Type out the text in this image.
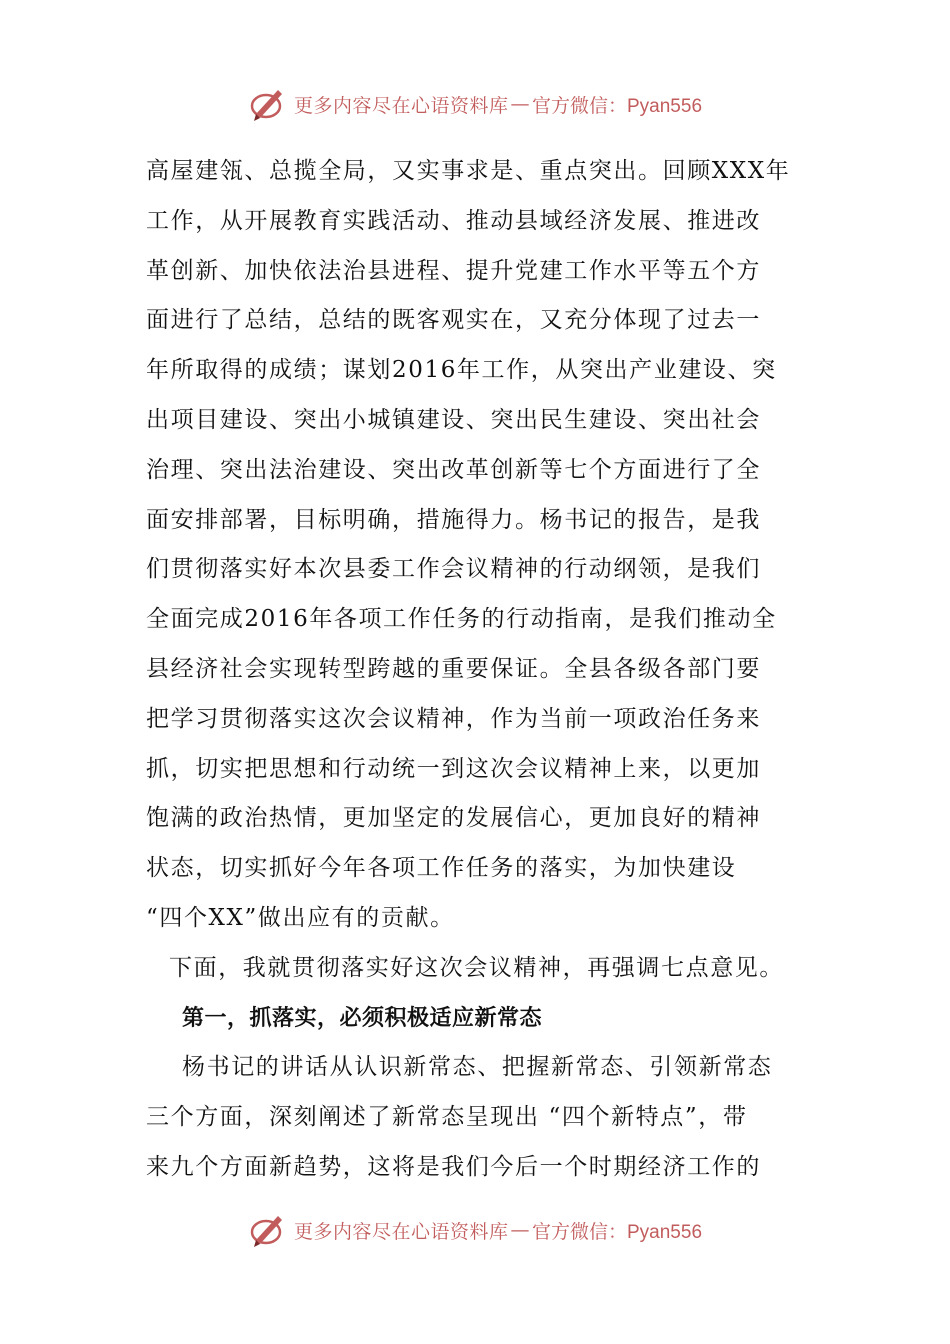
更多内容尽在心语资料库 — 官方微信：Pyan556
高屋建瓴、总揽全局，又实事求是、重点突出。回顾XXX年
工作，从开展教育实践活动、推动县域经济发展、推进改
革创新、加快依法治县进程、提升党建工作水平等五个方
面进行了总结，总结的既客观实在，又充分体现了过去一
年所取得的成绩；谋划2016年工作，从突出产业建设、突
出项目建设、突出小城镇建设、突出民生建设、突出社会
治理、突出法治建设、突出改革创新等七个方面进行了全
面安排部署，目标明确，措施得力。杨书记的报告，是我
们贯彻落实好本次县委工作会议精神的行动纲领，是我们
全面完成2016年各项工作任务的行动指南，是我们推动全
县经济社会实现转型跨越的重要保证。全县各级各部门要
把学习贯彻落实这次会议精神，作为当前一项政治任务来
抓，切实把思想和行动统一到这次会议精神上来，以更加
饱满的政治热情，更加坚定的发展信心，更加良好的精神
状态，切实抓好今年各项工作任务的落实，为加快建设
“四个XX”做出应有的贡献。
下面，我就贯彻落实好这次会议精神，再强调七点意见。
第一，抓落实，必须积极适应新常态
杨书记的讲话从认识新常态、把握新常态、引领新常态
三个方面，深刻阐述了新常态呈现出 “四个新特点”，带
来九个方面新趋势，这将是我们今后一个时期经济工作的
更多内容尽在心语资料库 — 官方微信：Pyan556
